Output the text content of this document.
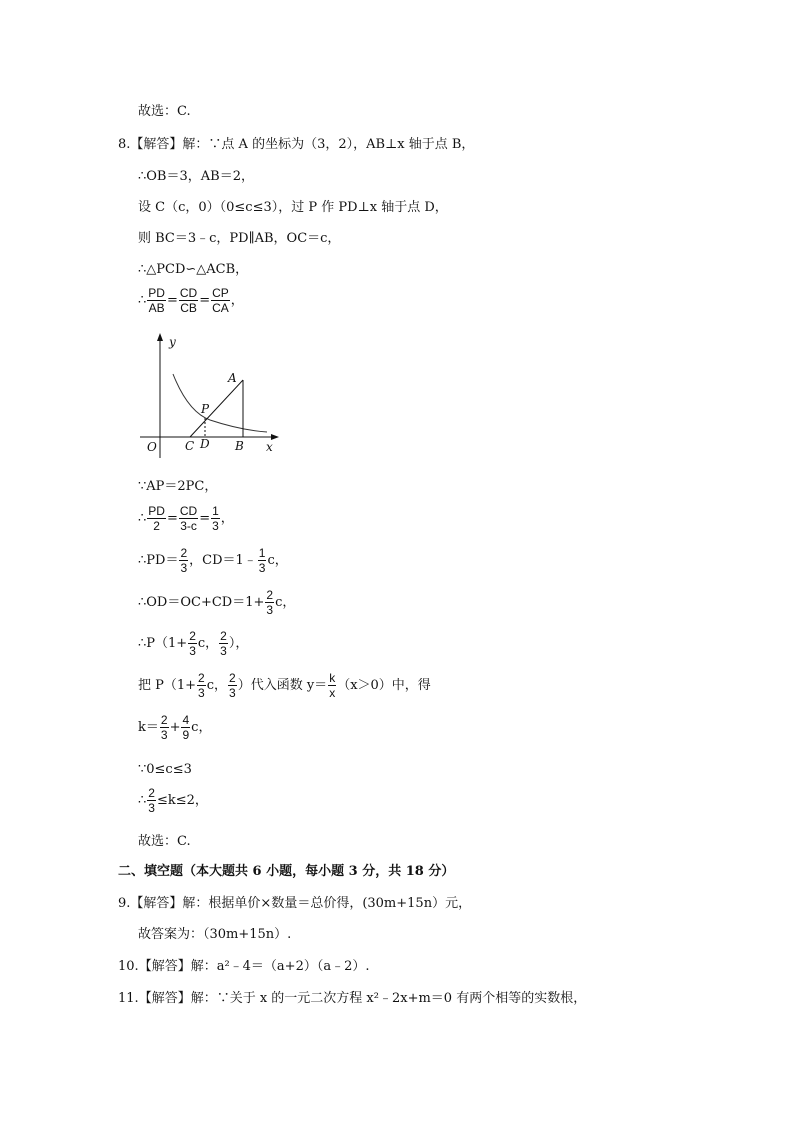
故选：C.
8.【解答】解：∵点 A 的坐标为（3，2），AB⊥x 轴于点 B，
∴OB＝3，AB＝2，
设 C（c，0）（0≤c≤3），过 P 作 PD⊥x 轴于点 D，
则 BC＝3﹣c，PD∥AB，OC＝c，
∴△PCD∽△ACB，
∴ $\frac{PD}{AB} = \frac{CD}{CB} = \frac{CP}{CA}$ ，
y
x
O
A
P
C D B
∵AP＝2PC，
∴ $\frac{PD}{2} = \frac{CD}{3-c} = \frac{1}{3}$ ，
∴PD＝ $\frac{2}{3}$ ，CD＝1﹣ $\frac{1}{3}$ c，
∴OD＝OC+CD＝1+ $\frac{2}{3}$ c，
∴P（1+ $\frac{2}{3}$ c， $\frac{2}{3}$ ），
把 $P(1+ \frac{2}{3}$ c， $\frac{2}{3}$ ）代入函数 $y= \frac{k}{x} (x>0)$中，得
$k= \frac{2}{3} + \frac{4}{9}$ c，
∵0≤c≤3
∴ $\frac{2}{3} \le k\le 2$，
故选：C.
二、填空题（本大题共 6 小题，每小题 3 分，共 18 分）
9.【解答】解：根据单价×数量＝总价得，(30m+15n）元，
故答案为：（30m+15n）.
10.【解答】解：a²﹣4＝（a+2）（a﹣2）.
11.【解答】解：∵关于 x 的一元二次方程 x²﹣2x+m＝0 有两个相等的实数根，
